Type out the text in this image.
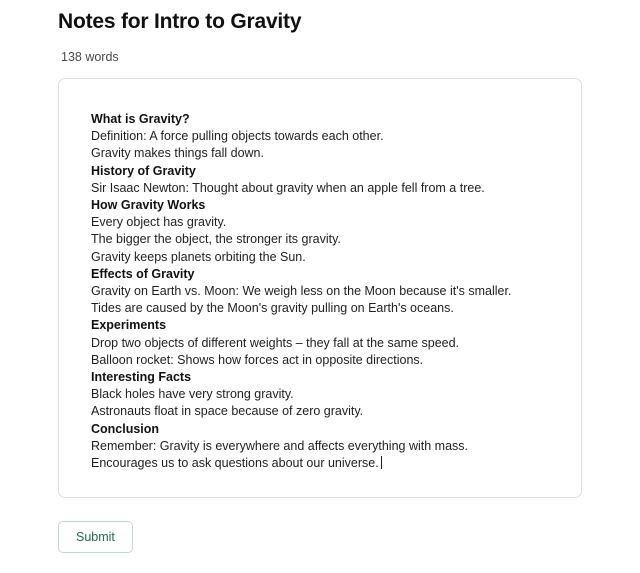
Notes for Intro to Gravity
138 words
What is Gravity?
Definition: A force pulling objects towards each other.
Gravity makes things fall down.
History of Gravity
Sir Isaac Newton: Thought about gravity when an apple fell from a tree.
How Gravity Works
Every object has gravity.
The bigger the object, the stronger its gravity.
Gravity keeps planets orbiting the Sun.
Effects of Gravity
Gravity on Earth vs. Moon: We weigh less on the Moon because it's smaller.
Tides are caused by the Moon's gravity pulling on Earth's oceans.
Experiments
Drop two objects of different weights – they fall at the same speed.
Balloon rocket: Shows how forces act in opposite directions.
Interesting Facts
Black holes have very strong gravity.
Astronauts float in space because of zero gravity.
Conclusion
Remember: Gravity is everywhere and affects everything with mass.
Encourages us to ask questions about our universe.
Submit
